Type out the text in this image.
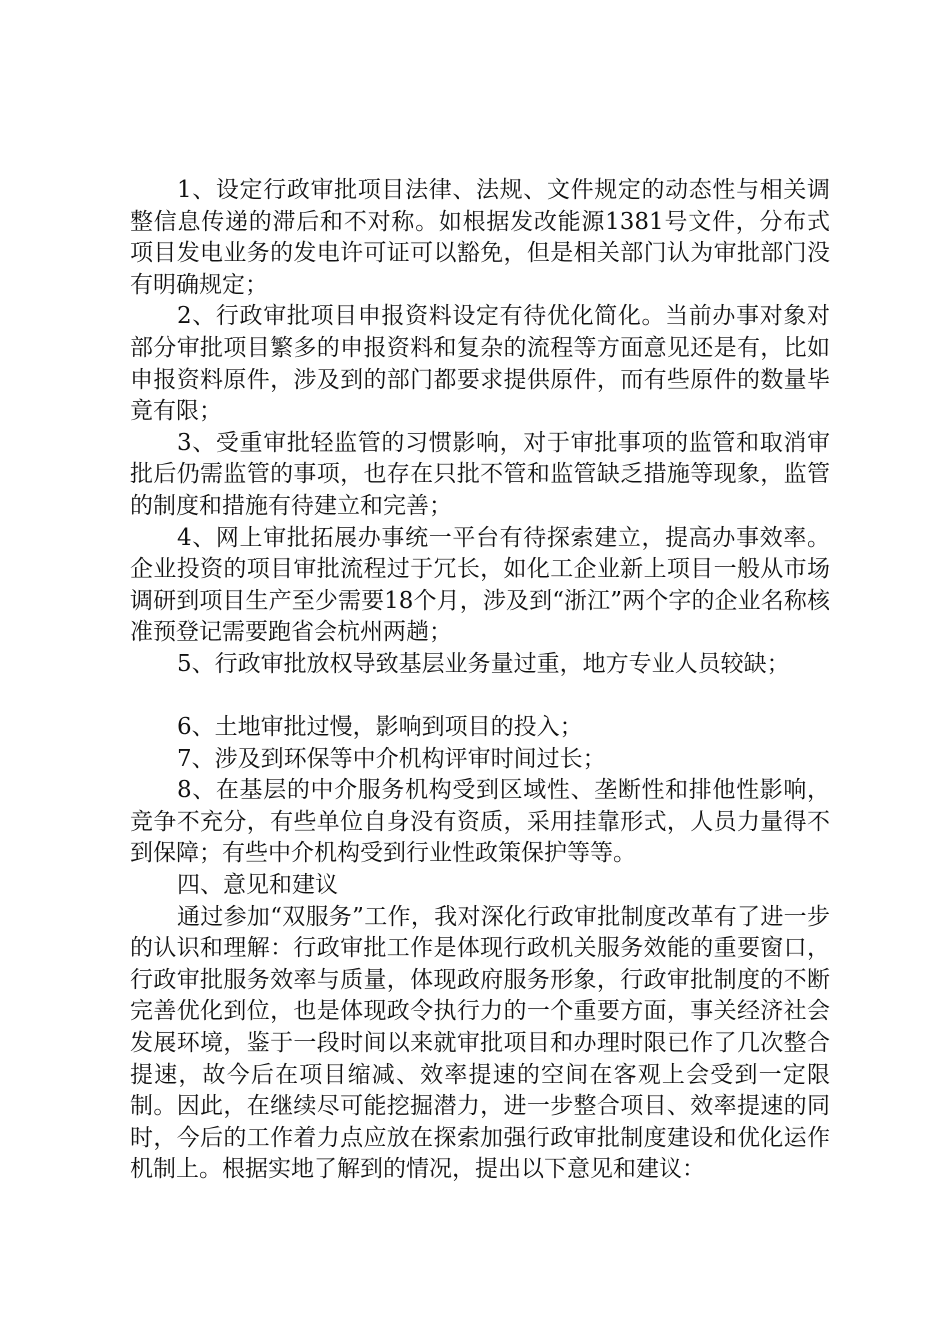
1、设定行政审批项目法律、法规、文件规定的动态性与相关调整信息传递的滞后和不对称。如根据发改能源1381号文件，分布式项目发电业务的发电许可证可以豁免，但是相关部门认为审批部门没有明确规定；

2、行政审批项目申报资料设定有待优化简化。当前办事对象对部分审批项目繁多的申报资料和复杂的流程等方面意见还是有，比如申报资料原件，涉及到的部门都要求提供原件，而有些原件的数量毕竟有限；

3、受重审批轻监管的习惯影响，对于审批事项的监管和取消审批后仍需监管的事项，也存在只批不管和监管缺乏措施等现象，监管的制度和措施有待建立和完善；

4、网上审批拓展办事统一平台有待探索建立，提高办事效率。企业投资的项目审批流程过于冗长，如化工企业新上项目一般从市场调研到项目生产至少需要18个月，涉及到“浙江”两个字的企业名称核准预登记需要跑省会杭州两趟；

5、行政审批放权导致基层业务量过重，地方专业人员较缺；

6、土地审批过慢，影响到项目的投入；

7、涉及到环保等中介机构评审时间过长；

8、在基层的中介服务机构受到区域性、垄断性和排他性影响，竞争不充分，有些单位自身没有资质，采用挂靠形式，人员力量得不到保障；有些中介机构受到行业性政策保护等等。

四、意见和建议

通过参加“双服务”工作，我对深化行政审批制度改革有了进一步的认识和理解：行政审批工作是体现行政机关服务效能的重要窗口，行政审批服务效率与质量，体现政府服务形象，行政审批制度的不断完善优化到位，也是体现政令执行力的一个重要方面，事关经济社会发展环境，鉴于一段时间以来就审批项目和办理时限已作了几次整合提速，故今后在项目缩减、效率提速的空间在客观上会受到一定限制。因此，在继续尽可能挖掘潜力，进一步整合项目、效率提速的同时，今后的工作着力点应放在探索加强行政审批制度建设和优化运作机制上。根据实地了解到的情况，提出以下意见和建议：
